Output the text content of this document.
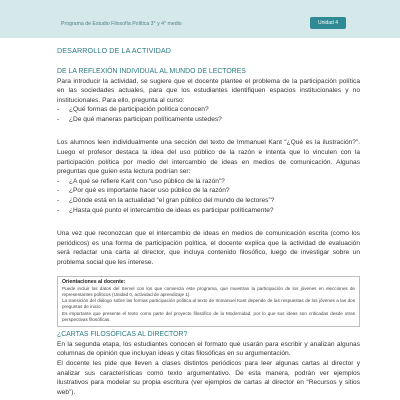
Programa de Estudio Filosofía Política 3° y 4° medio	Unidad 4
DESARROLLO DE LA ACTIVIDAD
DE LA REFLEXIÓN INDIVIDUAL AL MUNDO DE LECTORES

Para introducir la actividad, se sugiere que el docente plantee el problema de la participación política en las sociedades actuales, para que los estudiantes identifiquen espacios institucionales y no institucionales. Para ello, pregunta al curso:

- ¿Qué formas de participación política conocen?
- ¿De qué maneras participan políticamente ustedes?

Los alumnos leen individualmente una sección del texto de Immanuel Kant “¿Qué es la ilustración?”. Luego el profesor destaca la idea del uso público de la razón e intenta que lo vinculen con la participación política por medio del intercambio de ideas en medios de comunicación. Algunas preguntas que guíen esta lectura podrían ser:

- ¿A qué se refiere Kant con “uso público de la razón”?
- ¿Por qué es importante hacer uso público de la razón?
- ¿Dónde está en la actualidad “el gran público del mundo de lectores”?
- ¿Hasta qué punto el intercambio de ideas es participar políticamente?

Una vez que reconozcan que el intercambio de ideas en medios de comunicación escrita (como los periódicos) es una forma de participación política, el docente explica que la actividad de evaluación será redactar una carta al director, que incluya contenido filosófico, luego de investigar sobre un problema social que les interese.

Orientaciones al docente:

Puede incluir los datos del Servel con los que comienza este programa, que muestran la participación de los jóvenes en elecciones de representantes políticos (Unidad 0, actividad de aprendizaje 1).

La transición del diálogo sobre las formas participación política al texto de Immanuel Kant depende de las respuestas de los jóvenes a las dos preguntas de inicio.

Es importante que presente el texto como parte del proyecto filosófico de la Modernidad, por lo que sus ideas son criticadas desde otras perspectivas filosóficas.

¿CARTAS FILOSÓFICAS AL DIRECTOR?

En la segunda etapa, los estudiantes conocen el formato que usarán para escribir y analizan algunas columnas de opinión que incluyan ideas y citas filosóficas en su argumentación.

El docente les pide que lleven a clases distintos periódicos para leer algunas cartas al director y analizar sus características como texto argumentativo. De esta manera, podrán ver ejemplos ilustrativos para modelar su propia escritura (ver ejemplos de cartas al director en “Recursos y sitios web”).
